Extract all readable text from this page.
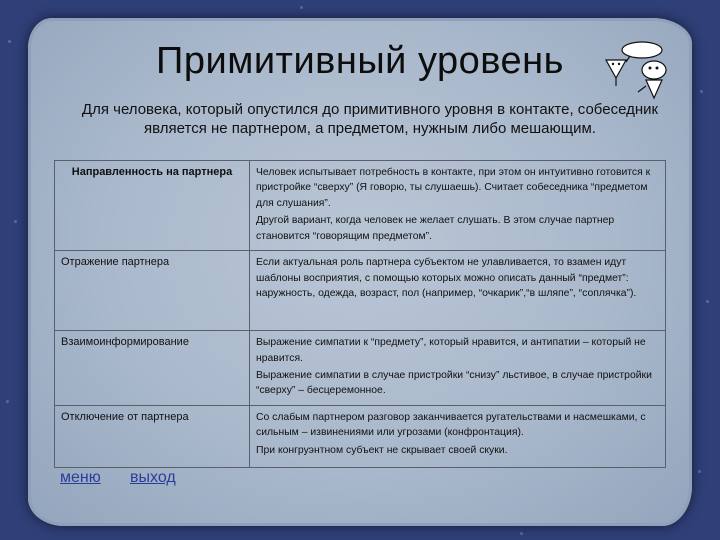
Примитивный уровень
Для человека, который опустился до примитивного уровня в контакте, собеседник является не партнером, а предметом, нужным либо мешающим.
Направленность на партнера	Человек испытывает потребность в контакте, при этом он интуитивно готовится к пристройке “сверху” (Я говорю, ты слушаешь). Считает собеседника “предметом для слушания”.

Другой вариант, когда человек не желает слушать. В этом случае партнер становится “говорящим предметом”.

Отражение партнера	Если актуальная роль партнера субъектом не улавливается, то взамен идут шаблоны восприятия, с помощью которых можно описать данный “предмет”: наружность, одежда, возраст, пол (например, “очкарик”,“в шляпе”, “соплячка”).

Взаимоинформирование	Выражение симпатии к “предмету”, который нравится, и антипатии – который не нравится.

Выражение симпатии в случае пристройки “снизу” льстивое, в случае пристройки “сверху” – бесцеремонное.

Отключение от партнера	Со слабым партнером разговор заканчивается ругательствами и насмешками, с сильным – извинениями или угрозами (конфронтация).

При конгруэнтном субъект не скрывает своей скуки.

меню выход
